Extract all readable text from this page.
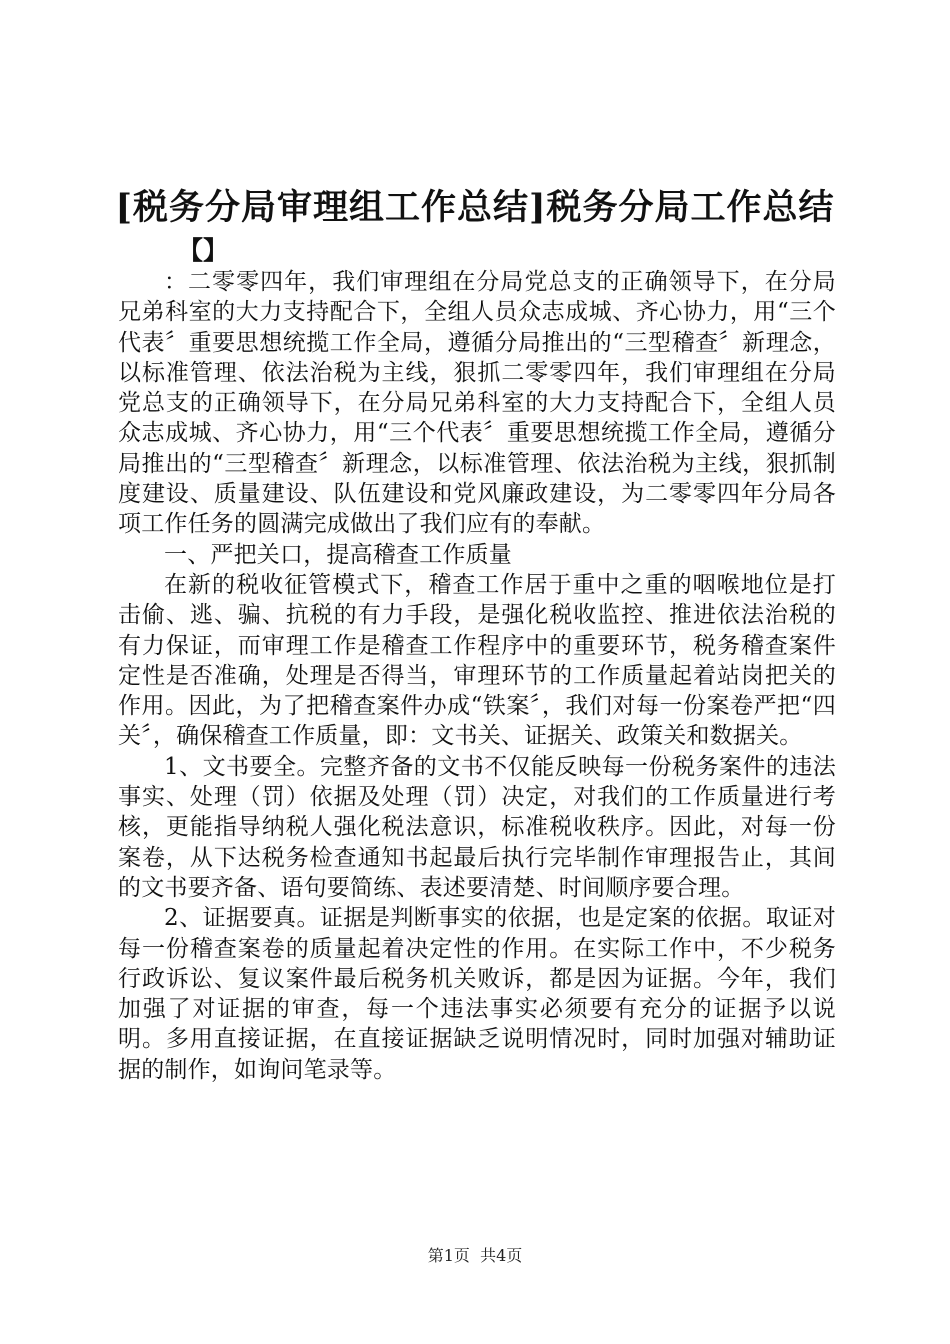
[税务分局审理组工作总结]税务分局工作总结
【】

：二零零四年，我们审理组在分局党总支的正确领导下，在分局兄弟科室的大力支持配合下，全组人员众志成城、齐心协力，用“三个代表〞重要思想统揽工作全局，遵循分局推出的“三型稽查〞新理念，以标准管理、依法治税为主线，狠抓二零零四年，我们审理组在分局党总支的正确领导下，在分局兄弟科室的大力支持配合下，全组人员众志成城、齐心协力，用“三个代表〞重要思想统揽工作全局，遵循分局推出的“三型稽查〞新理念，以标准管理、依法治税为主线，狠抓制度建设、质量建设、队伍建设和党风廉政建设，为二零零四年分局各项工作任务的圆满完成做出了我们应有的奉献。

一、严把关口，提高稽查工作质量

在新的税收征管模式下，稽查工作居于重中之重的咽喉地位是打击偷、逃、骗、抗税的有力手段，是强化税收监控、推进依法治税的有力保证，而审理工作是稽查工作程序中的重要环节，税务稽查案件定性是否准确，处理是否得当，审理环节的工作质量起着站岗把关的作用。因此，为了把稽查案件办成“铁案〞，我们对每一份案卷严把“四关〞，确保稽查工作质量，即：文书关、证据关、政策关和数据关。

1、文书要全。完整齐备的文书不仅能反映每一份税务案件的违法事实、处理（罚）依据及处理（罚）决定，对我们的工作质量进行考核，更能指导纳税人强化税法意识，标准税收秩序。因此，对每一份案卷，从下达税务检查通知书起最后执行完毕制作审理报告止，其间的文书要齐备、语句要简练、表述要清楚、时间顺序要合理。

2、证据要真。证据是判断事实的依据，也是定案的依据。取证对每一份稽查案卷的质量起着决定性的作用。在实际工作中，不少税务行政诉讼、复议案件最后税务机关败诉，都是因为证据。今年，我们加强了对证据的审查，每一个违法事实必须要有充分的证据予以说明。多用直接证据，在直接证据缺乏说明情况时，同时加强对辅助证据的制作，如询问笔录等。

第1页 共4页
